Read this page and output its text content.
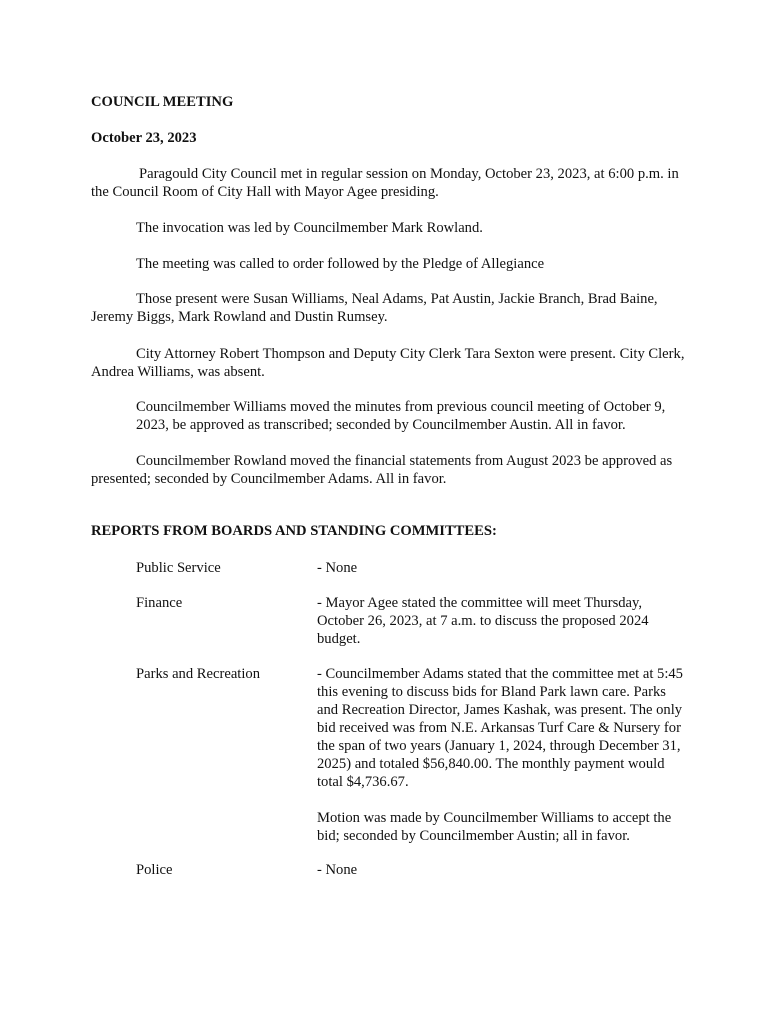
COUNCIL MEETING
October 23, 2023

Paragould City Council met in regular session on Monday, October 23, 2023, at 6:00 p.m. in the Council Room of City Hall with Mayor Agee presiding.

The invocation was led by Councilmember Mark Rowland.

The meeting was called to order followed by the Pledge of Allegiance

Those present were Susan Williams, Neal Adams, Pat Austin, Jackie Branch, Brad Baine, Jeremy Biggs, Mark Rowland and Dustin Rumsey.

City Attorney Robert Thompson and Deputy City Clerk Tara Sexton were present. City Clerk, Andrea Williams, was absent.

Councilmember Williams moved the minutes from previous council meeting of October 9, 2023, be approved as transcribed; seconded by Councilmember Austin. All in favor.

Councilmember Rowland moved the financial statements from August 2023 be approved as presented; seconded by Councilmember Adams. All in favor.

REPORTS FROM BOARDS AND STANDING COMMITTEES:
Public Service	- None

Finance	- Mayor Agee stated the committee will meet Thursday, October 26, 2023, at 7 a.m. to discuss the proposed 2024 budget.

Parks and Recreation	- Councilmember Adams stated that the committee met at 5:45 this evening to discuss bids for Bland Park lawn care. Parks and Recreation Director, James Kashak, was present. The only bid received was from N.E. Arkansas Turf Care & Nursery for the span of two years (January 1, 2024, through December 31, 2025) and totaled $56,840.00. The monthly payment would total $4,736.67.

Motion was made by Councilmember Williams to accept the bid; seconded by Councilmember Austin; all in favor.

Police	- None
